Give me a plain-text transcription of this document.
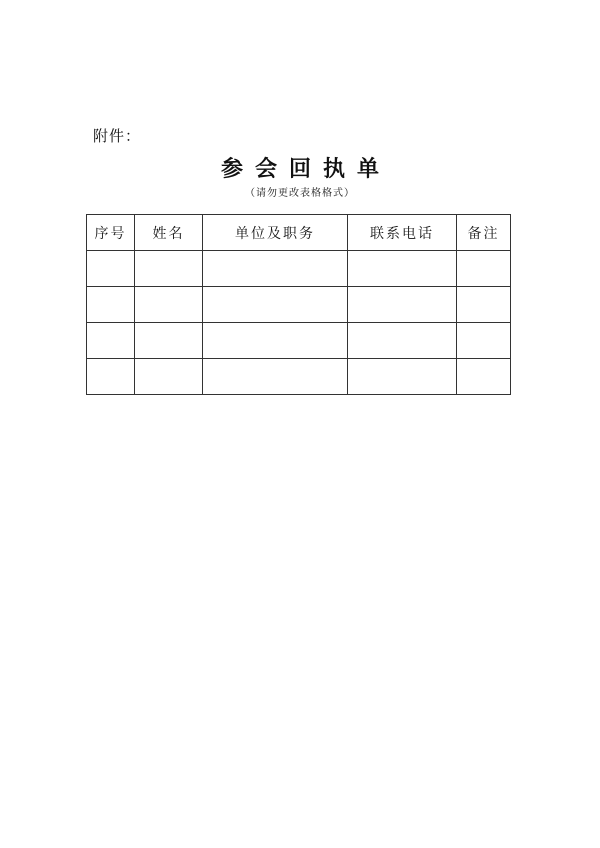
附件：
参会回执单
（请勿更改表格格式）
序号	姓名	单位及职务	联系电话	备注
